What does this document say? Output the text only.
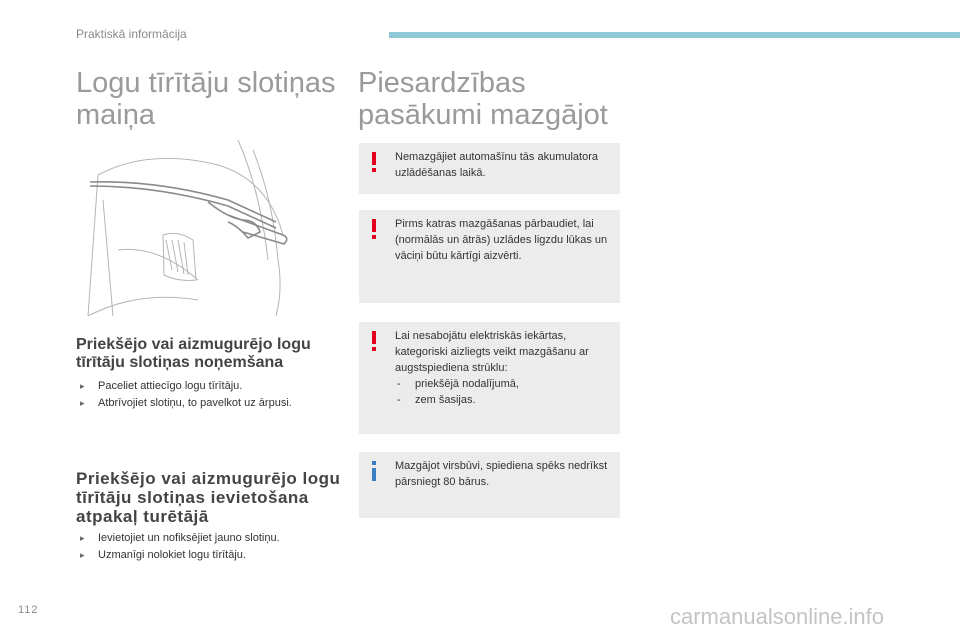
Praktiskā informācija
Logu tīrītāju slotiņas maiņa
Piesardzības pasākumi mazgājot
Priekšējo vai aizmugurējo logu tīrītāju slotiņas noņemšana
▸	Paceliet attiecīgo logu tīrītāju.
▸	Atbrīvojiet slotiņu, to pavelkot uz ārpusi.
Priekšējo vai aizmugurējo logu tīrītāju slotiņas ievietošana atpakaļ turētājā
▸	Ievietojiet un nofiksējiet jauno slotiņu.
▸	Uzmanīgi nolokiet logu tīrītāju.
Nemazgājiet automašīnu tās akumulatora uzlādēšanas laikā.
Pirms katras mazgāšanas pārbaudiet, lai (normālās un ātrās) uzlādes ligzdu lūkas un vāciņi būtu kārtīgi aizvērti.
Lai nesabojātu elektriskās iekārtas, kategoriski aizliegts veikt mazgāšanu ar augstspiediena strūklu:
- priekšējā nodalījumā,
- zem šasijas.
Mazgājot virsbūvi, spiediena spēks nedrīkst pārsniegt 80 bārus.
112	carmanualsonline.info
